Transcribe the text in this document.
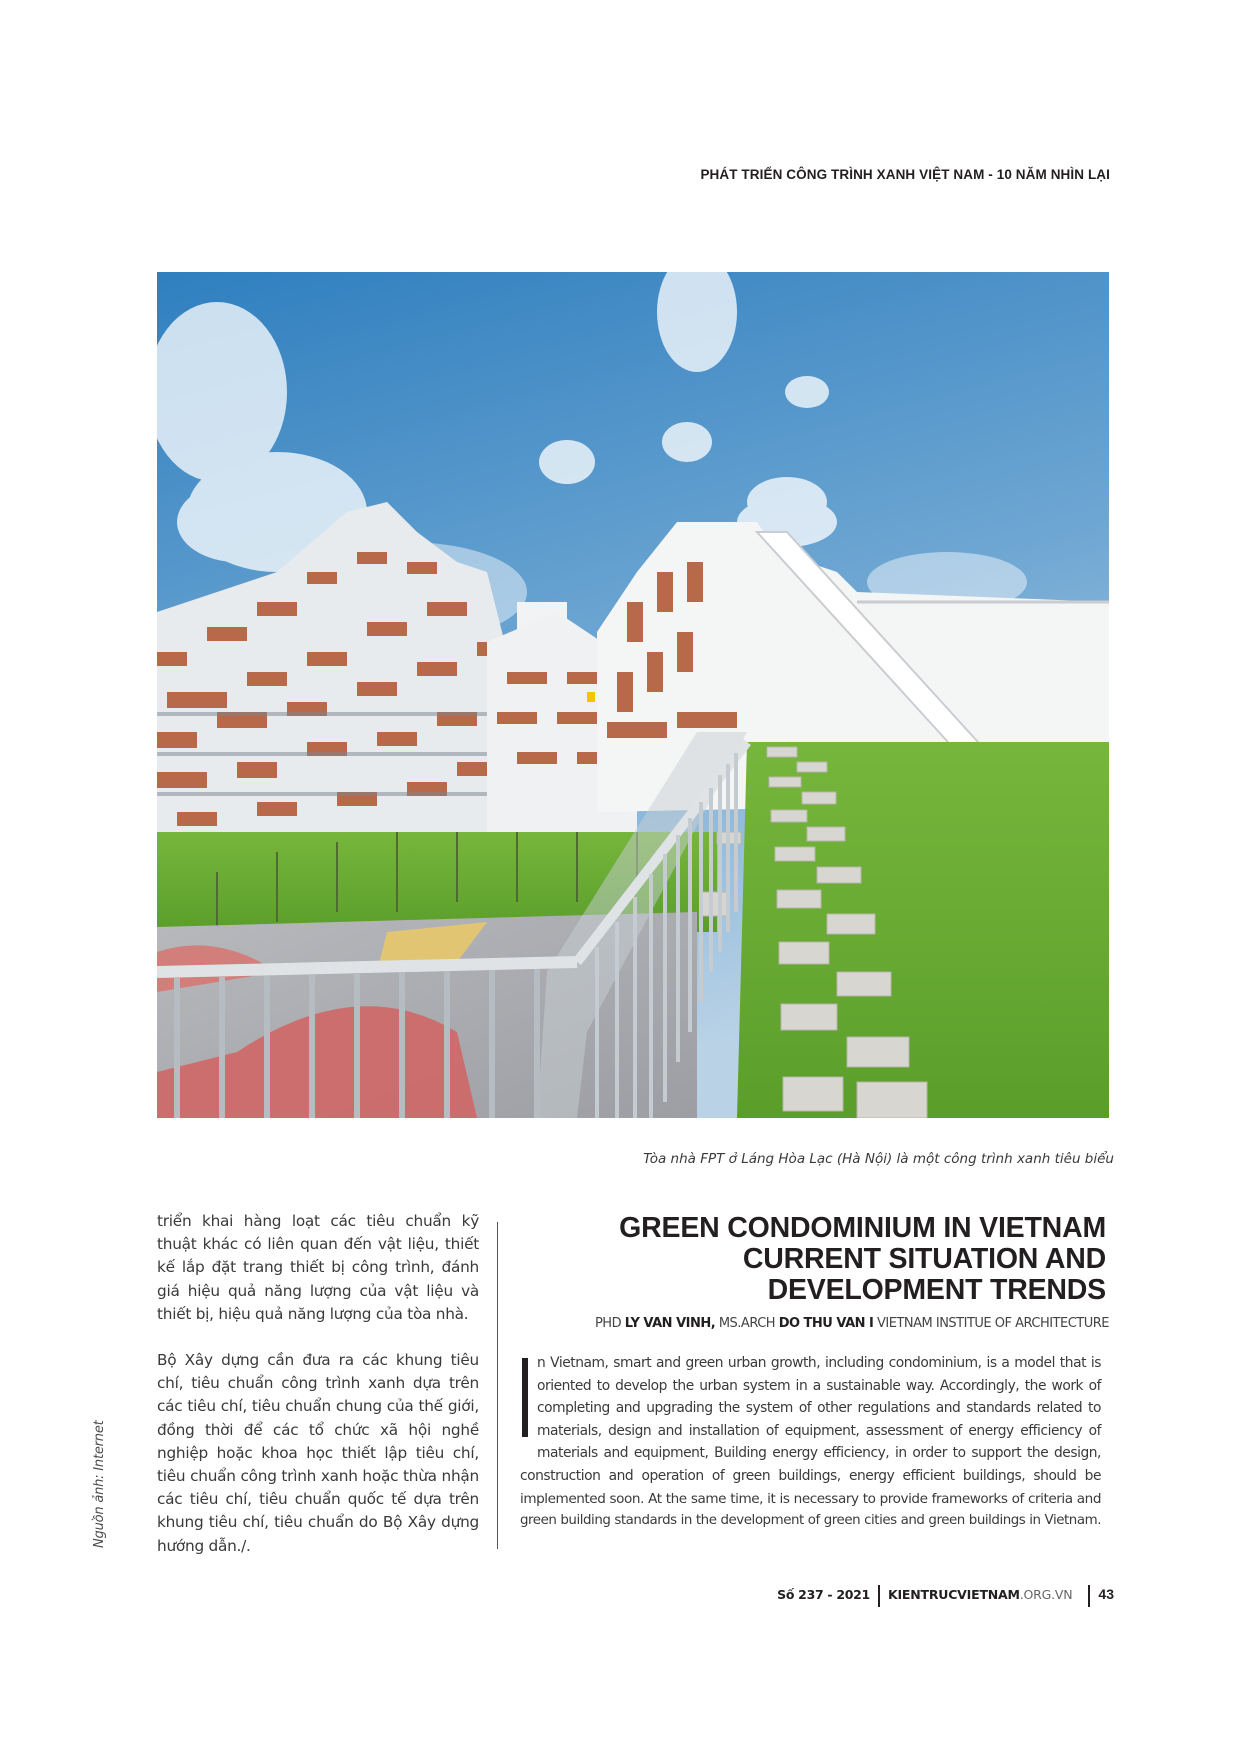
PHÁT TRIỂN CÔNG TRÌNH XANH VIỆT NAM - 10 NĂM NHÌN LẠI
Tòa nhà FPT ở Láng Hòa Lạc (Hà Nội) là một công trình xanh tiêu biểu
Nguồn ảnh: Internet

triển khai hàng loạt các tiêu chuẩn kỹ thuật khác có liên quan đến vật liệu, thiết kế lắp đặt trang thiết bị công trình, đánh giá hiệu quả năng lượng của vật liệu và thiết bị, hiệu quả năng lượng của tòa nhà.

Bộ Xây dựng cần đưa ra các khung tiêu chí, tiêu chuẩn công trình xanh dựa trên các tiêu chí, tiêu chuẩn chung của thế giới, đồng thời để các tổ chức xã hội nghề nghiệp hoặc khoa học thiết lập tiêu chí, tiêu chuẩn công trình xanh hoặc thừa nhận các tiêu chí, tiêu chuẩn quốc tế dựa trên khung tiêu chí, tiêu chuẩn do Bộ Xây dựng hướng dẫn./.

GREEN CONDOMINIUM IN VIETNAM
CURRENT SITUATION AND
DEVELOPMENT TRENDS
PHD LY VAN VINH, MS.ARCH DO THU VAN I VIETNAM INSTITUE OF ARCHITECTURE
n Vietnam, smart and green urban growth, including condominium, is a model that is
oriented to develop the urban system in a sustainable way. Accordingly, the work of
completing and upgrading the system of other regulations and standards related to
materials, design and installation of equipment, assessment of energy efficiency of
materials and equipment, Building energy efficiency, in order to support the design,
construction and operation of green buildings, energy efficient buildings, should be
implemented soon. At the same time, it is necessary to provide frameworks of criteria and
green building standards in the development of green cities and green buildings in Vietnam.
Số 237 - 2021	KIENTRUCVIETNAM.ORG.VN	43
